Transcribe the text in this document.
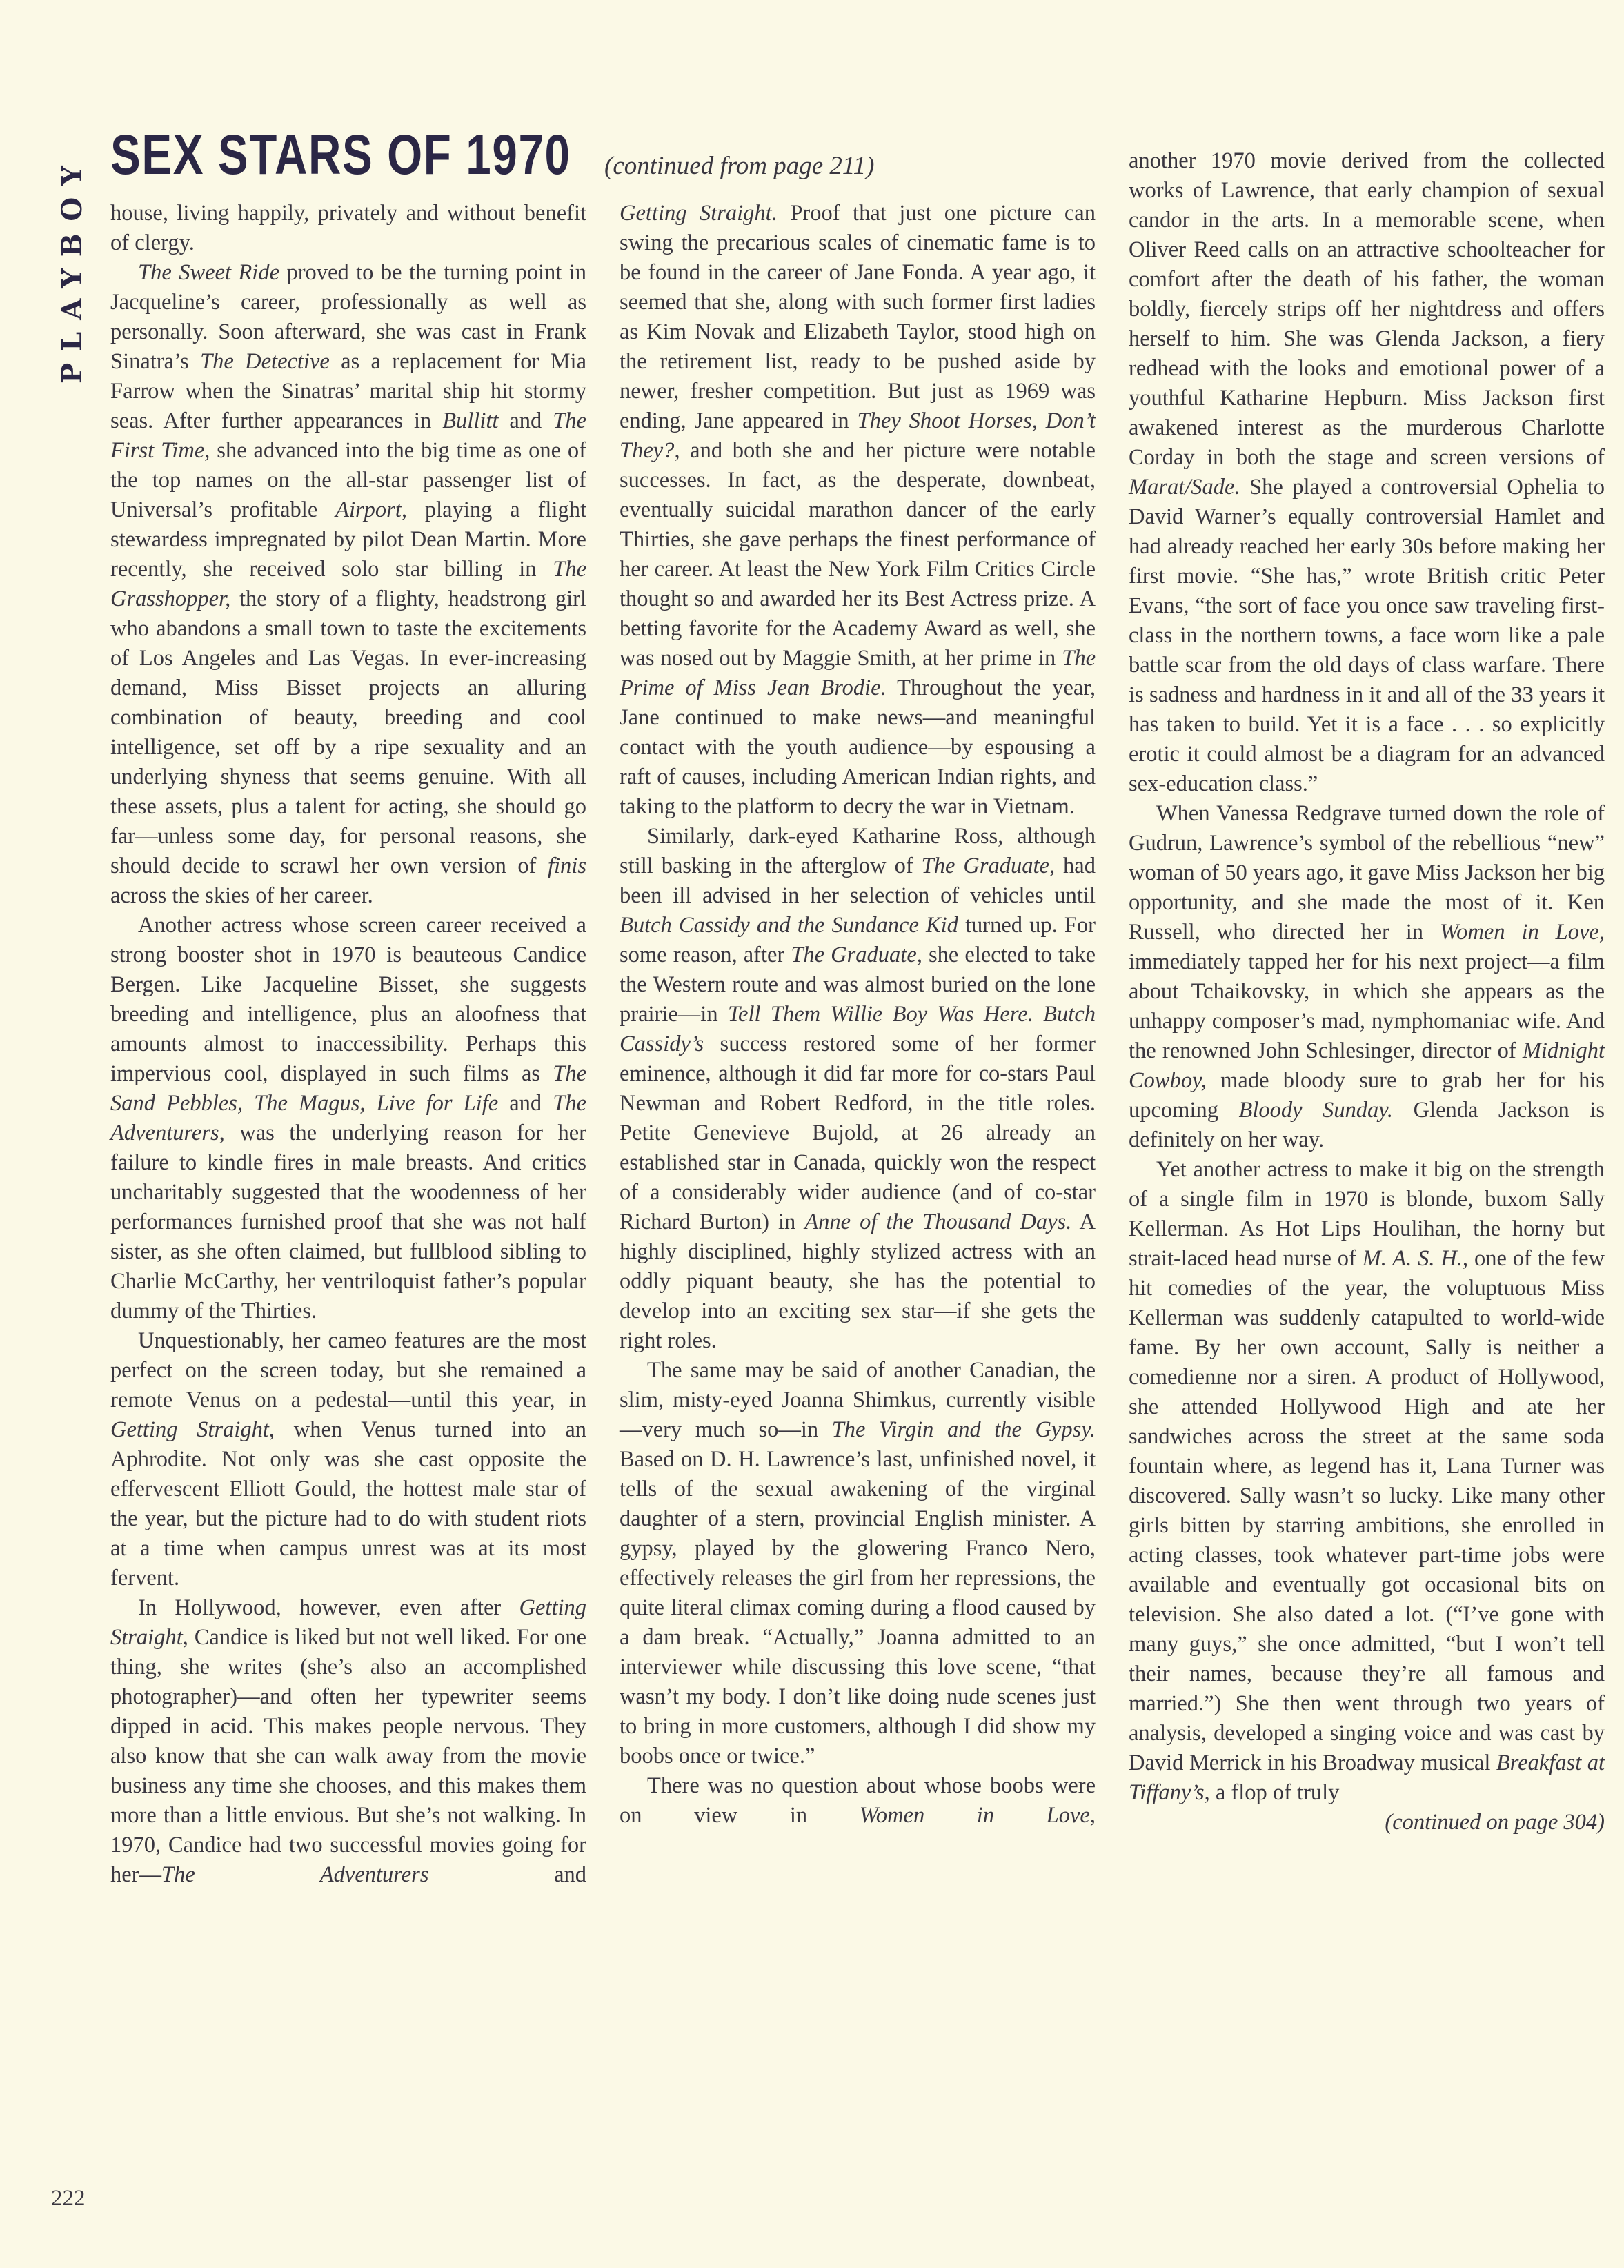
PLAYBOY SEX STARS OF 1970	(continued from page 211)

house, living happily, privately and without benefit of clergy.

The Sweet Ride proved to be the turning point in Jacqueline’s career, professionally as well as personally. Soon afterward, she was cast in Frank Sinatra’s The Detective as a replacement for Mia Farrow when the Sinatras’ marital ship hit stormy seas. After further appearances in Bullitt and The First Time, she advanced into the big time as one of the top names on the all-star passenger list of Universal’s profitable Airport, playing a flight stewardess impregnated by pilot Dean Martin. More recently, she received solo star billing in The Grasshopper, the story of a flighty, headstrong girl who abandons a small town to taste the excitements of Los Angeles and Las Vegas. In ever-increasing demand, Miss Bisset projects an alluring combination of beauty, breeding and cool intelligence, set off by a ripe sexuality and an underlying shyness that seems genuine. With all these assets, plus a talent for acting, she should go far—unless some day, for personal reasons, she should decide to scrawl her own version of finis across the skies of her career.

Another actress whose screen career received a strong booster shot in 1970 is beauteous Candice Bergen. Like Jacqueline Bisset, she suggests breeding and intelligence, plus an aloofness that amounts almost to inaccessibility. Perhaps this impervious cool, displayed in such films as The Sand Pebbles, The Magus, Live for Life and The Adventurers, was the underlying reason for her failure to kindle fires in male breasts. And critics uncharitably suggested that the woodenness of her performances furnished proof that she was not half sister, as she often claimed, but fullblood sibling to Charlie McCarthy, her ventriloquist father’s popular dummy of the Thirties.

Unquestionably, her cameo features are the most perfect on the screen today, but she remained a remote Venus on a pedestal—until this year, in Getting Straight, when Venus turned into an Aphrodite. Not only was she cast opposite the effervescent Elliott Gould, the hottest male star of the year, but the picture had to do with student riots at a time when campus unrest was at its most fervent.

In Hollywood, however, even after Getting Straight, Candice is liked but not well liked. For one thing, she writes (she’s also an accomplished photographer)—and often her typewriter seems dipped in acid. This makes people nervous. They also know that she can walk away from the movie business any time she chooses, and this makes them more than a little envious. But she’s not walking. In 1970, Candice had two successful movies going for her—The Adventurers and

Getting Straight. Proof that just one picture can swing the precarious scales of cinematic fame is to be found in the career of Jane Fonda. A year ago, it seemed that she, along with such former first ladies as Kim Novak and Elizabeth Taylor, stood high on the retirement list, ready to be pushed aside by newer, fresher competition. But just as 1969 was ending, Jane appeared in They Shoot Horses, Don’t They?, and both she and her picture were notable successes. In fact, as the desperate, downbeat, eventually suicidal marathon dancer of the early Thirties, she gave perhaps the finest performance of her career. At least the New York Film Critics Circle thought so and awarded her its Best Actress prize. A betting favorite for the Academy Award as well, she was nosed out by Maggie Smith, at her prime in The Prime of Miss Jean Brodie. Throughout the year, Jane continued to make news—and meaningful contact with the youth audience—by espousing a raft of causes, including American Indian rights, and taking to the platform to decry the war in Vietnam.

Similarly, dark-eyed Katharine Ross, although still basking in the afterglow of The Graduate, had been ill advised in her selection of vehicles until Butch Cassidy and the Sundance Kid turned up. For some reason, after The Graduate, she elected to take the Western route and was almost buried on the lone prairie—in Tell Them Willie Boy Was Here. Butch Cassidy’s success restored some of her former eminence, although it did far more for co-stars Paul Newman and Robert Redford, in the title roles. Petite Genevieve Bujold, at 26 already an established star in Canada, quickly won the respect of a considerably wider audience (and of co-star Richard Burton) in Anne of the Thousand Days. A highly disciplined, highly stylized actress with an oddly piquant beauty, she has the potential to develop into an exciting sex star—if she gets the right roles.

The same may be said of another Canadian, the slim, misty-eyed Joanna Shimkus, currently visible—very much so—in The Virgin and the Gypsy. Based on D. H. Lawrence’s last, unfinished novel, it tells of the sexual awakening of the virginal daughter of a stern, provincial English minister. A gypsy, played by the glowering Franco Nero, effectively releases the girl from her repressions, the quite literal climax coming during a flood caused by a dam break. “Actually,” Joanna admitted to an interviewer while discussing this love scene, “that wasn’t my body. I don’t like doing nude scenes just to bring in more customers, although I did show my boobs once or twice.”

There was no question about whose boobs were on view in Women in Love,

another 1970 movie derived from the collected works of Lawrence, that early champion of sexual candor in the arts. In a memorable scene, when Oliver Reed calls on an attractive schoolteacher for comfort after the death of his father, the woman boldly, fiercely strips off her nightdress and offers herself to him. She was Glenda Jackson, a fiery redhead with the looks and emotional power of a youthful Katharine Hepburn. Miss Jackson first awakened interest as the murderous Charlotte Corday in both the stage and screen versions of Marat/Sade. She played a controversial Ophelia to David Warner’s equally controversial Hamlet and had already reached her early 30s before making her first movie. “She has,” wrote British critic Peter Evans, “the sort of face you once saw traveling first-class in the northern towns, a face worn like a pale battle scar from the old days of class warfare. There is sadness and hardness in it and all of the 33 years it has taken to build. Yet it is a face . . . so explicitly erotic it could almost be a diagram for an advanced sex-education class.”

When Vanessa Redgrave turned down the role of Gudrun, Lawrence’s symbol of the rebellious “new” woman of 50 years ago, it gave Miss Jackson her big opportunity, and she made the most of it. Ken Russell, who directed her in Women in Love, immediately tapped her for his next project—a film about Tchaikovsky, in which she appears as the unhappy composer’s mad, nymphomaniac wife. And the renowned John Schlesinger, director of Midnight Cowboy, made bloody sure to grab her for his upcoming Bloody Sunday. Glenda Jackson is definitely on her way.

Yet another actress to make it big on the strength of a single film in 1970 is blonde, buxom Sally Kellerman. As Hot Lips Houlihan, the horny but strait-laced head nurse of M. A. S. H., one of the few hit comedies of the year, the voluptuous Miss Kellerman was suddenly catapulted to world-wide fame. By her own account, Sally is neither a comedienne nor a siren. A product of Hollywood, she attended Hollywood High and ate her sandwiches across the street at the same soda fountain where, as legend has it, Lana Turner was discovered. Sally wasn’t so lucky. Like many other girls bitten by starring ambitions, she enrolled in acting classes, took whatever part-time jobs were available and eventually got occasional bits on television. She also dated a lot. (“I’ve gone with many guys,” she once admitted, “but I won’t tell their names, because they’re all famous and married.”) She then went through two years of analysis, developed a singing voice and was cast by David Merrick in his Broadway musical Breakfast at Tiffany’s, a flop of truly

(continued on page 304)
222
